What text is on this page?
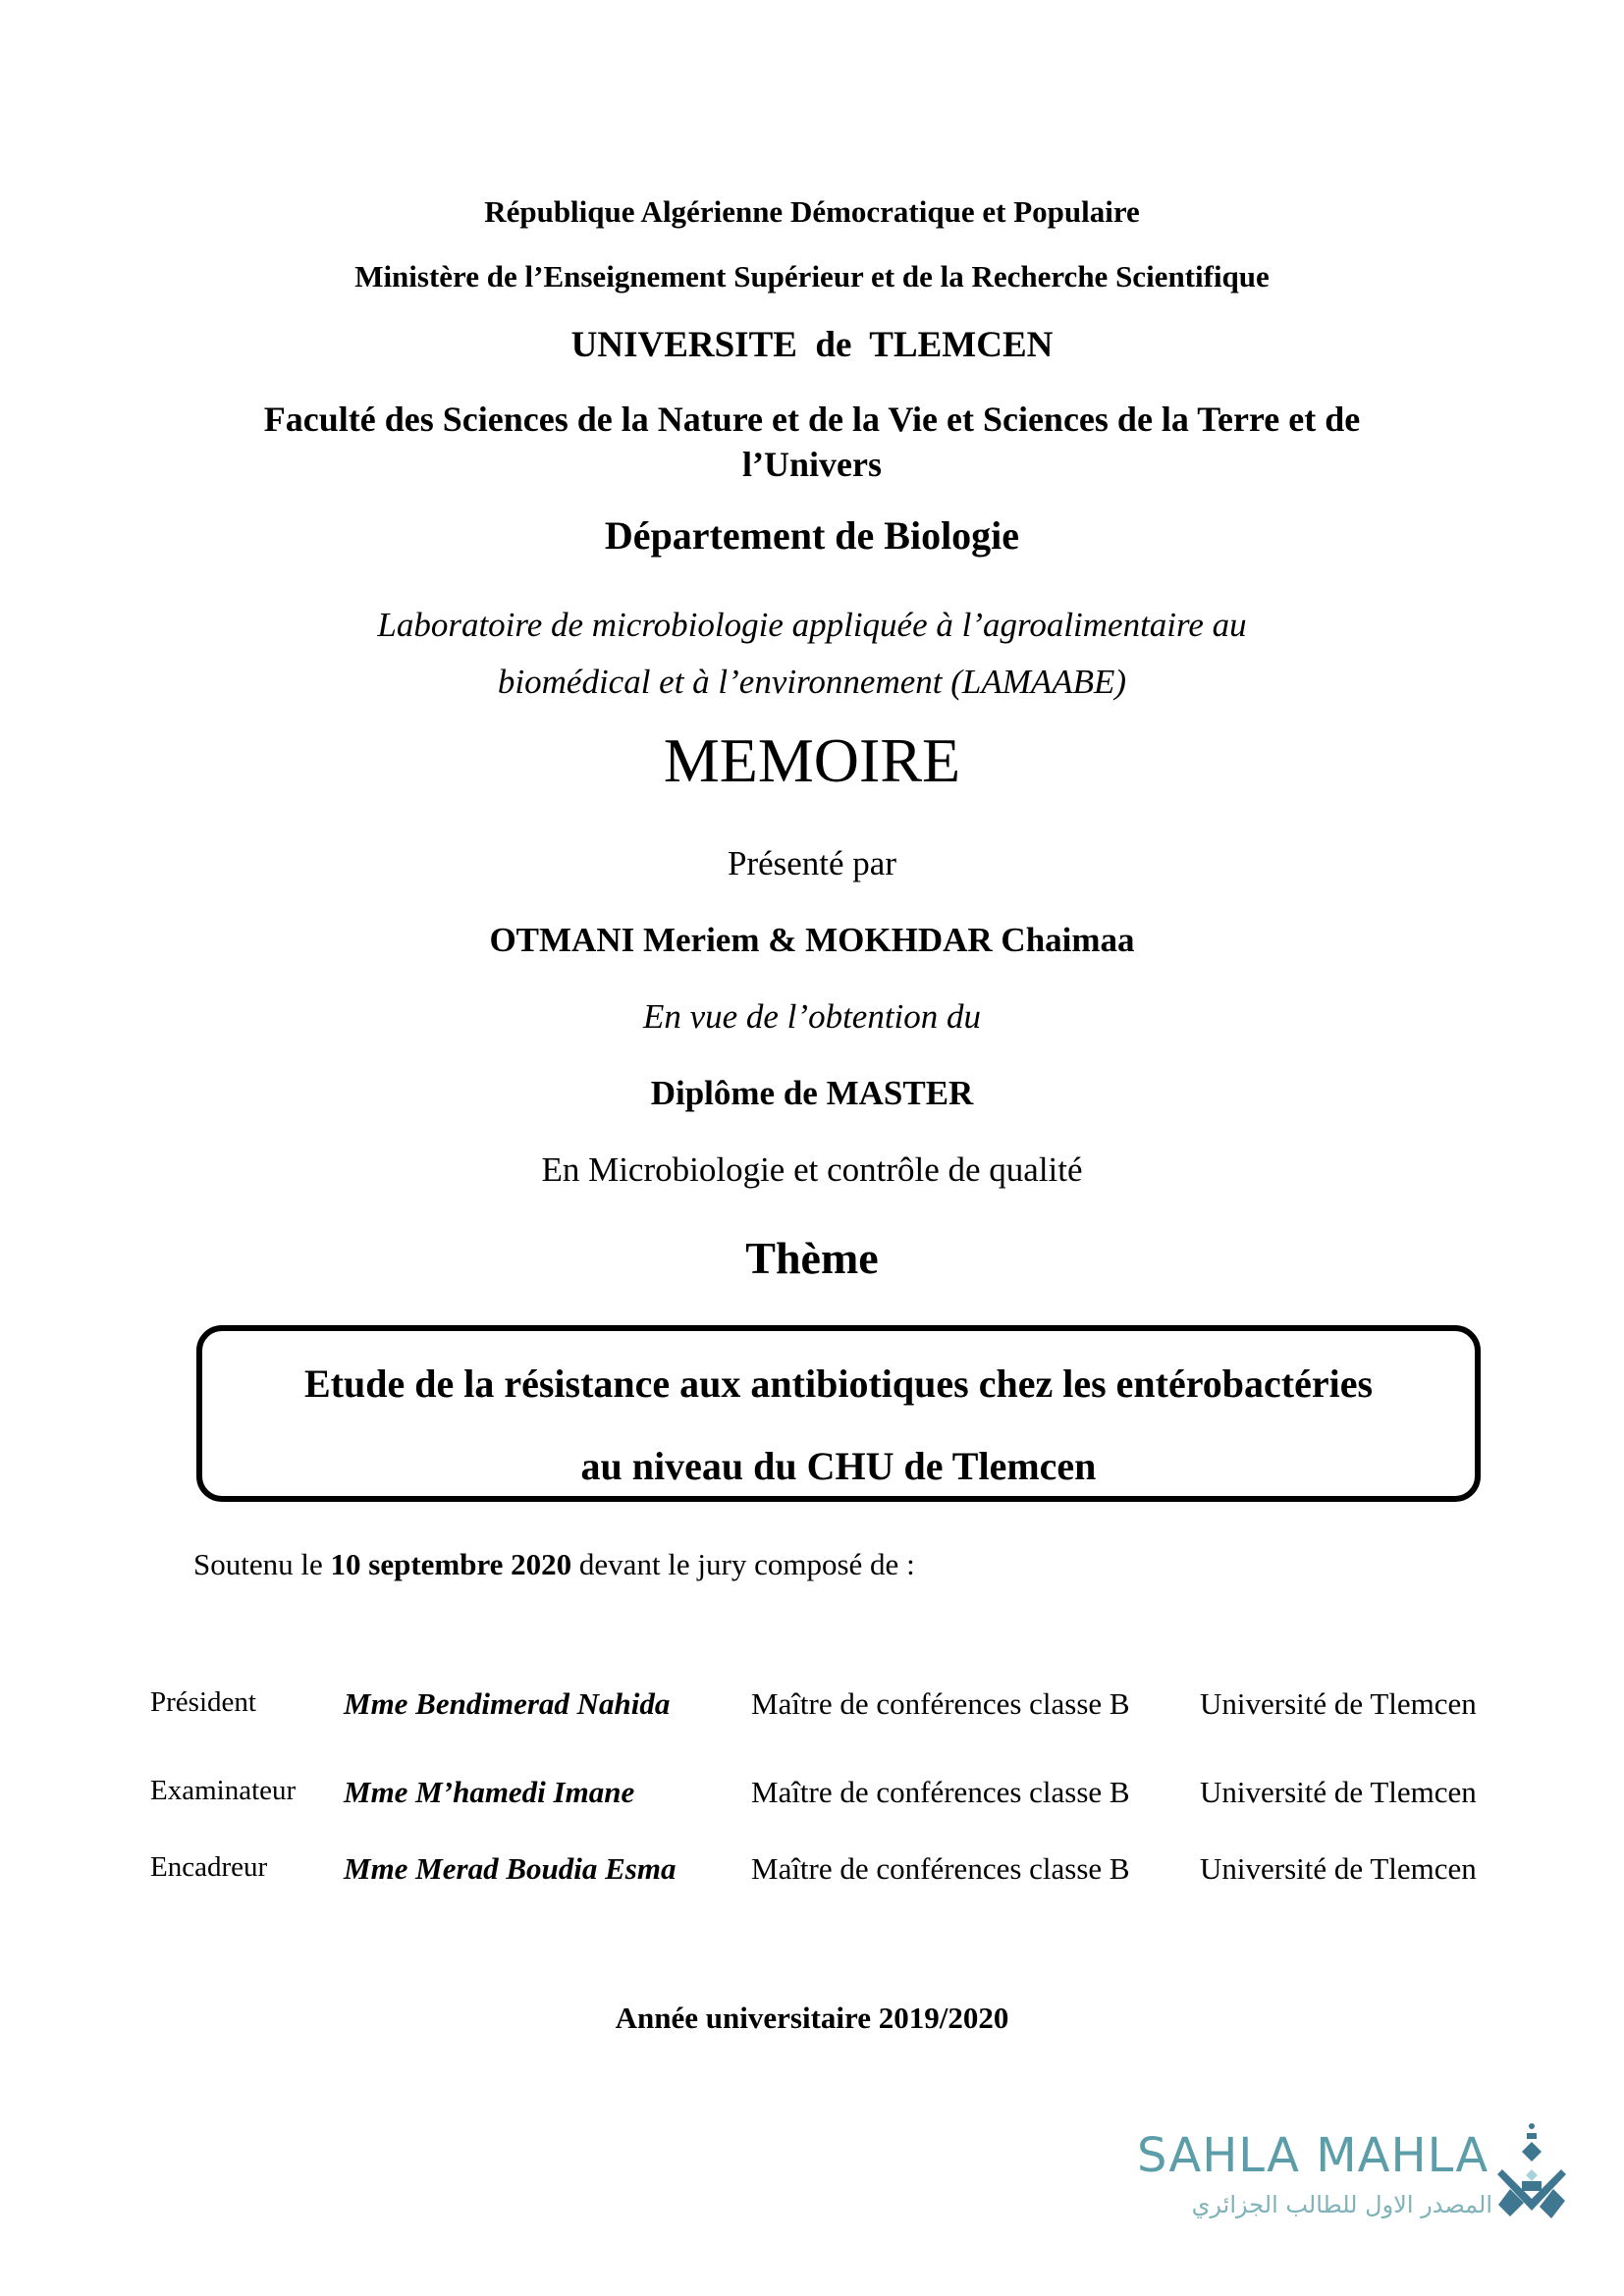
République Algérienne Démocratique et Populaire
Ministère de l’Enseignement Supérieur et de la Recherche Scientifique
UNIVERSITE  de  TLEMCEN
Faculté des Sciences de la Nature et de la Vie et Sciences de la Terre et de
l’Univers
Département de Biologie
Laboratoire de microbiologie appliquée à l’agroalimentaire au
biomédical et à l’environnement (LAMAABE)
MEMOIRE
Présenté par
OTMANI Meriem & MOKHDAR Chaimaa
En vue de l’obtention du
Diplôme de MASTER
En Microbiologie et contrôle de qualité
Thème
Etude de la résistance aux antibiotiques chez les entérobactéries
au niveau du CHU de Tlemcen
Soutenu le 10 septembre 2020 devant le jury composé de :
Président	Mme Bendimerad Nahida	Maître de conférences classe B Université de Tlemcen
Examinateur Mme M’hamedi Imane	Maître de conférences classe B Université de Tlemcen
Encadreur	Mme Merad Boudia Esma Maître de conférences classe B Université de Tlemcen
Année universitaire 2019/2020
SAHLA MAHLA
المصدر الاول للطالب الجزائري
